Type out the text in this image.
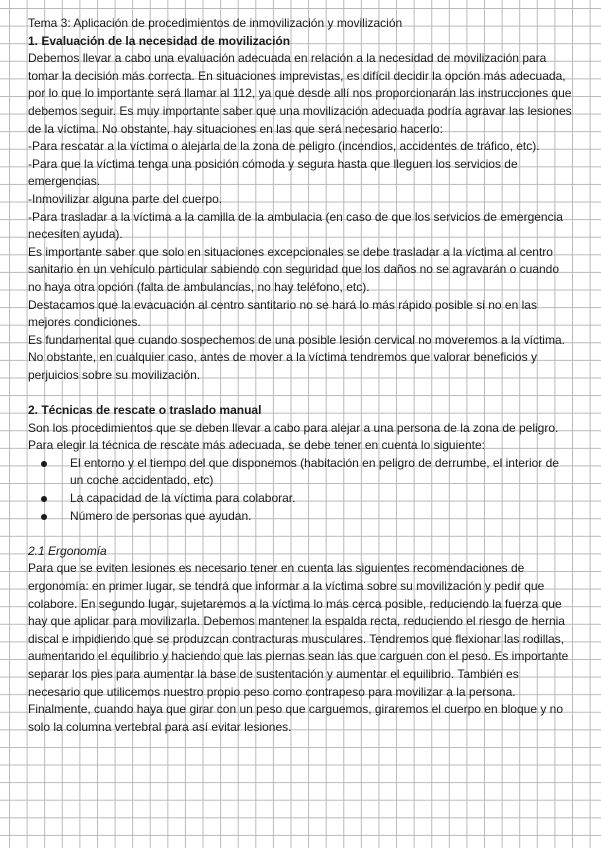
Tema 3: Aplicación de procedimientos de inmovilización y movilización

1. Evaluación de la necesidad de movilización

Debemos llevar a cabo una evaluación adecuada en relación a la necesidad de movilización para tomar la decisión más correcta. En situaciones imprevistas, es difícil decidir la opción más adecuada, por lo que lo importante será llamar al 112, ya que desde allí nos proporcionarán las instrucciones que debemos seguir. Es muy importante saber que una movilización adecuada podría agravar las lesiones de la víctima. No obstante, hay situaciones en las que será necesario hacerlo:

-Para rescatar a la víctima o alejarla de la zona de peligro (incendios, accidentes de tráfico, etc).

-Para que la víctima tenga una posición cómoda y segura hasta que lleguen los servicios de emergencias.

-Inmovilizar alguna parte del cuerpo.

-Para trasladar a la víctima a la camilla de la ambulacia (en caso de que los servicios de emergencia necesiten ayuda).

Es importante saber que solo en situaciones excepcionales se debe trasladar a la víctima al centro sanitario en un vehículo particular sabiendo con seguridad que los daños no se agravarán o cuando no haya otra opción (falta de ambulancias, no hay teléfono, etc).

Destacamos que la evacuación al centro santitario no se hará lo más rápido posible si no en las mejores condiciones.

Es fundamental que cuando sospechemos de una posible lesión cervical no moveremos a la víctima. No obstante, en cualquier caso, antes de mover a la víctima tendremos que valorar beneficios y perjuicios sobre su movilización.

2. Técnicas de rescate o traslado manual

Son los procedimientos que se deben llevar a cabo para alejar a una persona de la zona de peligro. Para elegir la técnica de rescate más adecuada, se debe tener en cuenta lo siguiente:

El entorno y el tiempo del que disponemos (habitación en peligro de derrumbe, el interior de un coche accidentado, etc)
La capacidad de la víctima para colaborar.
Número de personas que ayudan.

2.1 Ergonomía

Para que se eviten lesiones es necesario tener en cuenta las siguientes recomendaciones de ergonomía: en primer lugar, se tendrá que informar a la víctima sobre su movilización y pedir que colabore. En segundo lugar, sujetaremos a la víctima lo más cerca posible, reduciendo la fuerza que hay que aplicar para movilizarla. Debemos mantener la espalda recta, reduciendo el riesgo de hernia discal e impidiendo que se produzcan contracturas musculares. Tendremos que flexionar las rodillas, aumentando el equilibrio y haciendo que las piernas sean las que carguen con el peso. Es importante separar los pies para aumentar la base de sustentación y aumentar el equilibrio. También es necesario que utilicemos nuestro propio peso como contrapeso para movilizar a la persona. Finalmente, cuando haya que girar con un peso que carguemos, giraremos el cuerpo en bloque y no solo la columna vertebral para así evitar lesiones.
